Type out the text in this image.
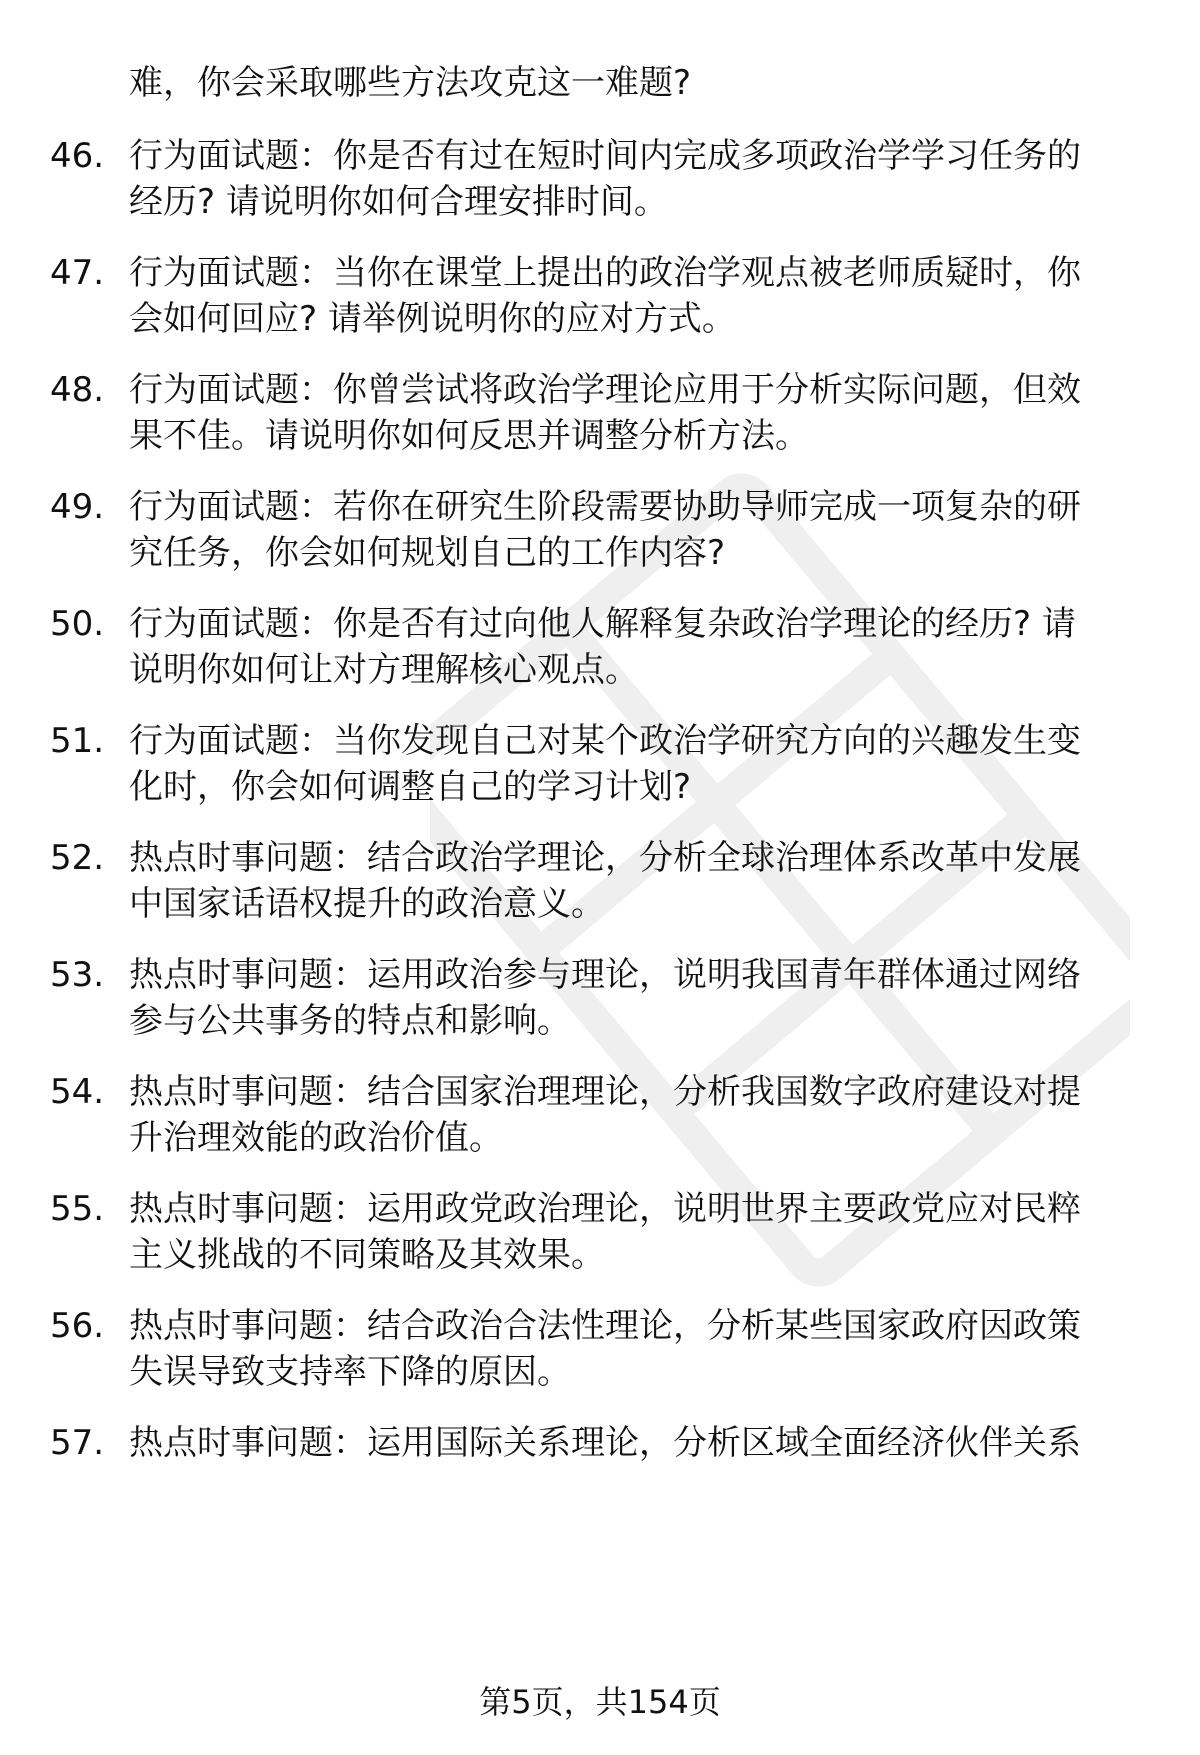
难，你会采取哪些方法攻克这一难题?
46. 行为面试题：你是否有过在短时间内完成多项政治学学习任务的
经历? 请说明你如何合理安排时间。
47. 行为面试题：当你在课堂上提出的政治学观点被老师质疑时，你
会如何回应? 请举例说明你的应对方式。
48. 行为面试题：你曾尝试将政治学理论应用于分析实际问题，但效
果不佳。请说明你如何反思并调整分析方法。
49. 行为面试题：若你在研究生阶段需要协助导师完成一项复杂的研
究任务，你会如何规划自己的工作内容?
50. 行为面试题：你是否有过向他人解释复杂政治学理论的经历? 请
说明你如何让对方理解核心观点。
51. 行为面试题：当你发现自己对某个政治学研究方向的兴趣发生变
化时，你会如何调整自己的学习计划?
52. 热点时事问题：结合政治学理论，分析全球治理体系改革中发展
中国家话语权提升的政治意义。
53. 热点时事问题：运用政治参与理论，说明我国青年群体通过网络
参与公共事务的特点和影响。
54. 热点时事问题：结合国家治理理论，分析我国数字政府建设对提
升治理效能的政治价值。
55. 热点时事问题：运用政党政治理论，说明世界主要政党应对民粹
主义挑战的不同策略及其效果。
56. 热点时事问题：结合政治合法性理论，分析某些国家政府因政策
失误导致支持率下降的原因。
57. 热点时事问题：运用国际关系理论，分析区域全面经济伙伴关系
第5页，共154页
